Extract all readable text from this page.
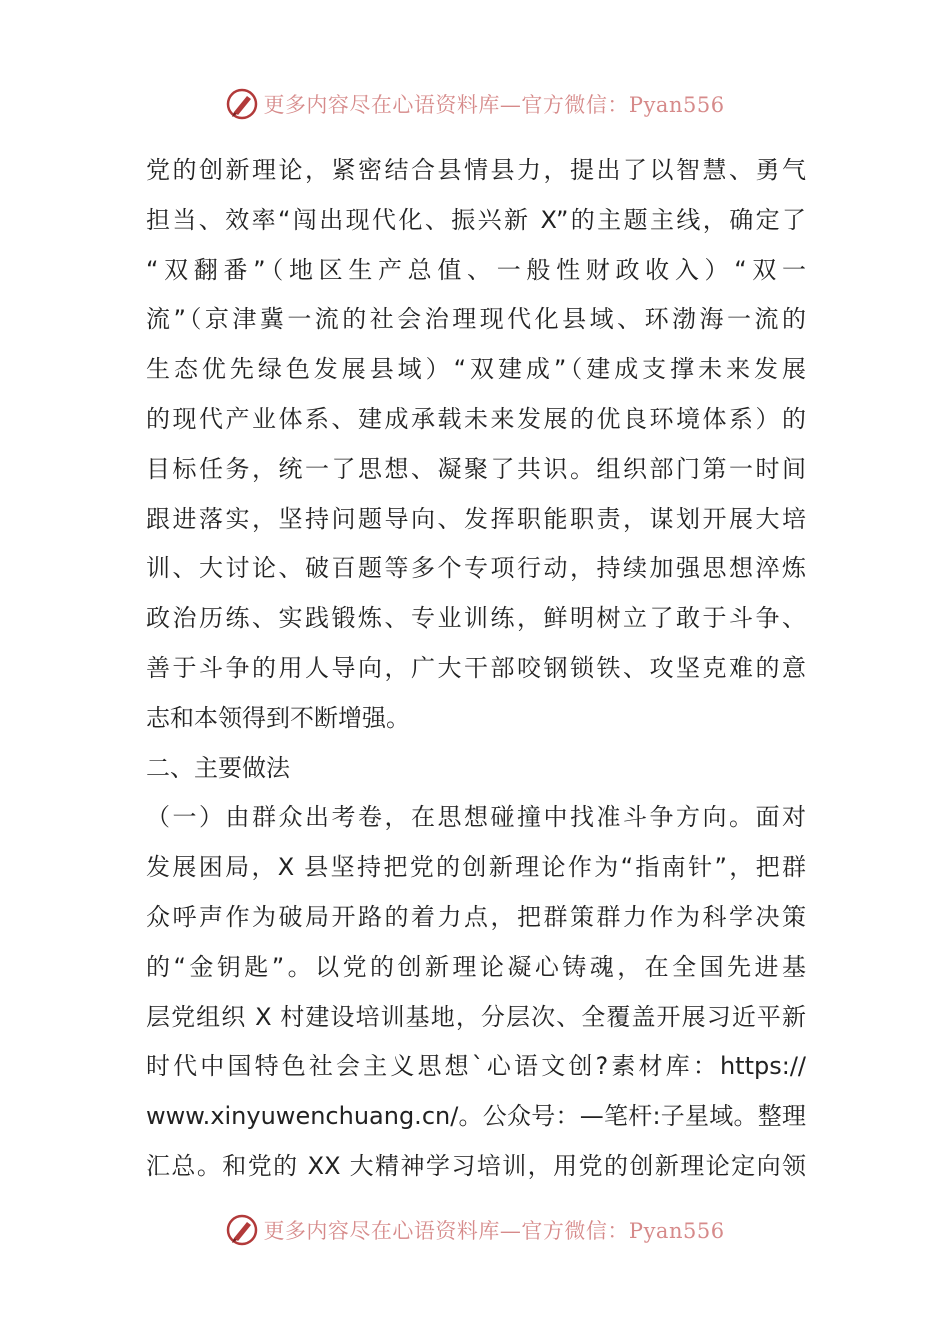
更多内容尽在心语资料库—官方微信：Pyan556
党的创新理论，紧密结合县情县力，提出了以智慧、勇气
担当、效率“闯出现代化、振兴新 X”的主题主线，确定了
“双翻番”（地区生产总值、一般性财政收入）“双一
流”（京津冀一流的社会治理现代化县域、环渤海一流的
生态优先绿色发展县域）“双建成”（建成支撑未来发展
的现代产业体系、建成承载未来发展的优良环境体系）的
目标任务，统一了思想、凝聚了共识。组织部门第一时间
跟进落实，坚持问题导向、发挥职能职责，谋划开展大培
训、大讨论、破百题等多个专项行动，持续加强思想淬炼
政治历练、实践锻炼、专业训练，鲜明树立了敢于斗争、
善于斗争的用人导向，广大干部咬钢锁铁、攻坚克难的意
志和本领得到不断增强。
二、主要做法
（一）由群众出考卷，在思想碰撞中找准斗争方向。面对
发展困局，X 县坚持把党的创新理论作为“指南针”，把群
众呼声作为破局开路的着力点，把群策群力作为科学决策
的“金钥匙”。以党的创新理论凝心铸魂，在全国先进基
层党组织 X 村建设培训基地，分层次、全覆盖开展习近平新
时代中国特色社会主义思想`心语文创?素材库：https://
www.xinyuwenchuang.cn/。公众号：—笔杆:子星域。整理
汇总。和党的 XX 大精神学习培训，用党的创新理论定向领
更多内容尽在心语资料库—官方微信：Pyan556
